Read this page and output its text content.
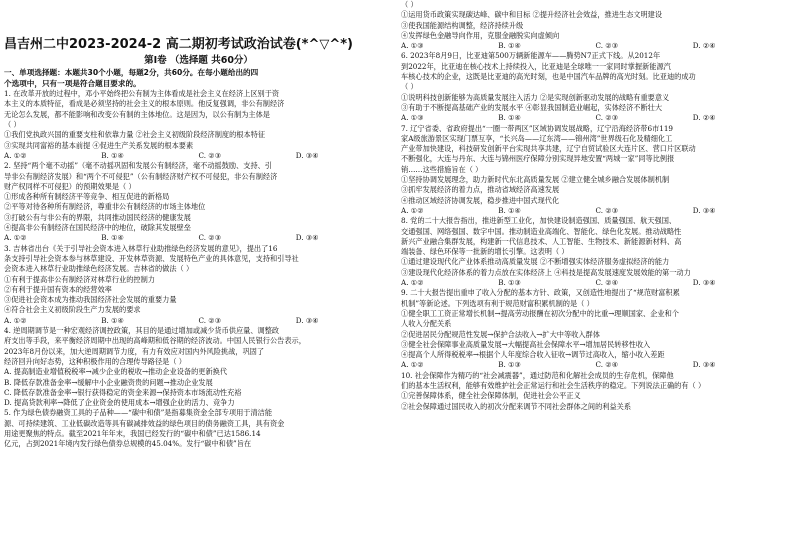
昌吉州二中2023-2024-2 高二期初考试政治试卷(*^▽^*)
第Ⅰ卷 （选择题 共60分）
一、单项选择题：本题共30个小题，每题2分，共60分。在每小题给出的四
个选项中，只有一项是符合题目要求的。
1. 在改革开放的过程中，邓小平始终把公有制为主体看成是社会主义在经济上区别于资
本主义的本质特征，看成是必须坚持的社会主义的根本原则。他反复强调，非公有制经济
无论怎么发展，都不能影响和改变公有制的主体地位。这是因为，以公有制为主体是
（ ）
①我们党执政兴国的重要支柱和依靠力量 ②社会主义初级阶段经济制度的根本特征
③实现共同富裕的基本前提 ④促进生产关系发展的根本要素
A. ①②	B. ①④	C. ②③	D. ③④
2. 坚持“两个毫不动摇”（毫不动摇巩固和发展公有制经济，毫不动摇鼓励、支持、引
导非公有制经济发展）和“两个不可侵犯”（公有制经济财产权不可侵犯，非公有制经济
财产权同样不可侵犯）的预期效果是（ ）
①形成各种所有制经济平等竞争、相互促进的新格局
②平等对待各种所有制经济，尊重非公有制经济的市场主体地位
③打破公有与非公有的界限，共同推动国民经济的健康发展
④提高非公有制经济在国民经济中的地位，破除其发展壁垒
A. ①②	B. ①④	C. ②③	D. ③④
3. 吉林省出台《关于引导社会资本进入林草行业助推绿色经济发展的意见》，提出了16
条支持引导社会资本参与林草建设、开发林草资源、发展特色产业的具体意见，支持和引导社
会资本进入林草行业助推绿色经济发展。吉林省的做法（ ）
①有利于提高非公有制经济对林草行业的控制力
②有利于提升国有资本的经营效率
③促进社会资本成为推动我国经济社会发展的重要力量
④符合社会主义初级阶段生产力发展的要求
A. ①②	B. ①④	C. ②③	D. ③④
4. 逆周期调节是一种宏观经济调控政策，其目的是通过增加或减少货币供应量、调整政
府支出等手段，来平衡经济周期中出现的高峰期和低谷期的经济波动。中国人民银行公告表示，
2023年8月份以来，加大逆周期调节力度，有力有效应对国内外风险挑战，巩固了
经济回升向好态势，这种积极作用的合理传导路径是（ ）
A. 提高制造业增值税税率→减少企业的税收→推动企业设备的更新换代
B. 降低存款准备金率→缓解中小企业融资贵的问题→推动企业发展
C. 降低存款准备金率→银行获得稳定的资金来源→保持资本市场流动性充裕
D. 提高贷款利率→降低了企业资金的使用成本→增强企业的活力、竞争力
5. 作为绿色债券融资工具的子品种——“碳中和债”是指募集资金全部专项用于清洁能
源、可持续建筑、工业低碳改造等具有碳减排效益的绿色项目的债务融资工具，具有资金
用途更聚焦的特点。截至2021年年末，我国已经发行的“碳中和债”已达1586.14
亿元，占到2021年境内发行绿色债券总规模的45.04%。发行“碳中和债”旨在
（ ）
①运用货币政策实现碳达峰、碳中和目标 ②提升经济社会效益，推进生态文明建设
③使我国能源结构调整，经济持续升级
④发挥绿色金融导向作用，克服金融脱实向虚倾向
A. ①③	B. ①④	C. ②③	D. ②④
6. 2023年8月9日，比亚迪第500万辆新能源车——腾势N7正式下线。从2012年
到2022年，比亚迪在核心技术上持续投入，比亚迪是全球唯一一家同时掌握新能源汽
车核心技术的企业，这既是比亚迪的高光时刻，也是中国汽车品牌的高光时刻。比亚迪的成功
（ ）
①说明科技创新能够为高质量发展注入活力 ②是实现创新驱动发展的战略有重要意义
③有助于不断提高基础产业的发展水平 ④彰显我国制造业崛起，实体经济不断壮大
A. ①③	B. ①④	C. ②③	D. ②④
7. 辽宁省委、省政府提出“一圈一带两区”区域协调发展战略，辽宁沿海经济带6市119
家A级旅游景区实现门票互享，“长兴岛——辽东湾——锦州湾”世界级石化及精细化工
产业带加快建设，科技研发创新平台实现共享共建，辽宁自贸试验区大连片区、营口片区联动
不断强化，大连与丹东、大连与锦州医疗保障分别实现异地安置“两城一家”同等比例报
销……这些措施旨在（ ）
①坚持协调发展理念，助力新时代东北高质量发展 ②建立健全城乡融合发展体制机制
③抓牢发展经济的着力点，推动省域经济高速发展
④推动区域经济协调发展，稳步推进中国式现代化
A. ①②	B. ①④	C. ②③	D. ③④
8. 党的二十大报告指出，推进新型工业化，加快建设制造强国、质量强国、航天强国、
交通强国、网络强国、数字中国。推动制造业高端化、智能化、绿色化发展。推动战略性
新兴产业融合集群发展，构建新一代信息技术、人工智能、生物技术、新能源新材料、高
端装备、绿色环保等一批新的增长引擎。这表明（ ）
①通过建设现代化产业体系推动高质量发展 ②不断增强实体经济服务虚拟经济的能力
③建设现代化经济体系的着力点放在实体经济上 ④科技是提高发展速度发展效能的第一动力
A. ①②	B. ①③	C. ②④	D. ③④
9. 二十大报告提出重申了收入分配的基本方针、政策，又创造性地提出了“规范财富积累
机制”等新论述。下列选项有利于规范财富积累机制的是（ ）
①健全职工工资正常增长机制→提高劳动报酬在初次分配中的比重→理顺国家、企业和个
人收入分配关系
②促进居民分配规范性发展→保护合法收入→扩大中等收入群体
③健全社会保障事业高质量发展→大幅提高社会保障水平→增加居民转移性收入
④提高个人所得税税率→根据个人年度综合收入征收→调节过高收入，缩小收入差距
A. ①②	B. ①③	C. ②④	D. ③④
10. 社会保障作为精巧的“社会减震器”，通过防范和化解社会成员的生存危机，保障他
们的基本生活权利，能够有效维护社会正常运行和社会生活秩序的稳定。下列说法正确的有（ ）
①完善保障体系，健全社会保障体制，促进社会公平正义
②社会保障通过国民收入的初次分配来调节不同社会群体之间的利益关系
